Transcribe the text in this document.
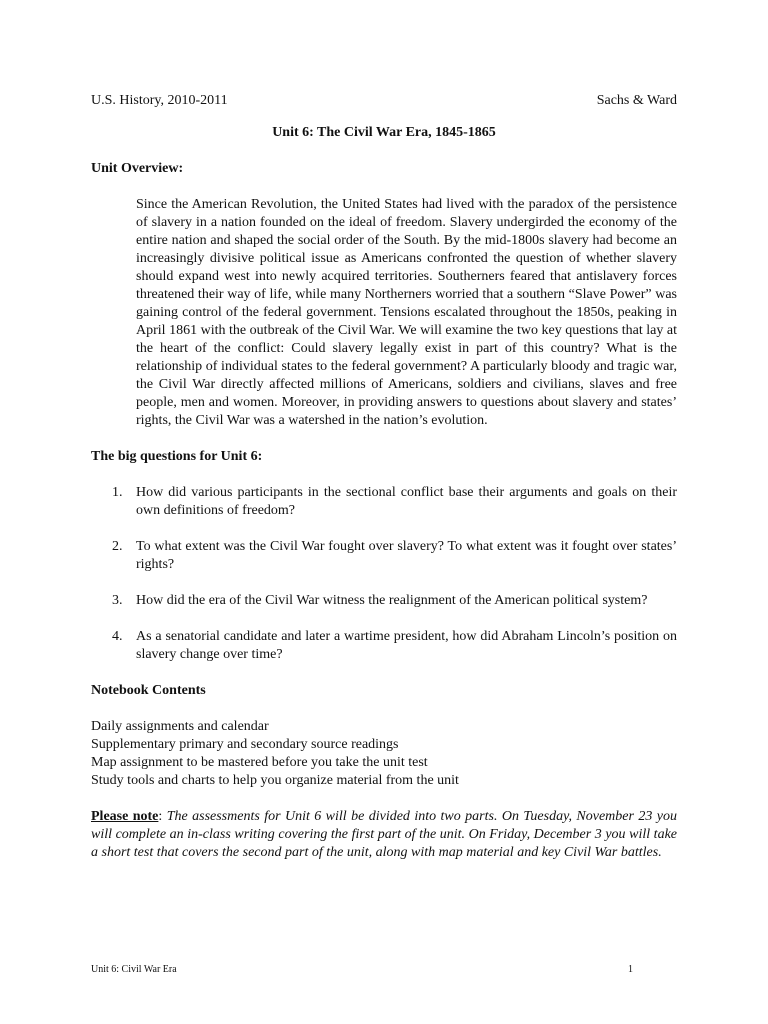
U.S. History, 2010-2011	Sachs & Ward
Unit 6: The Civil War Era, 1845-1865
Unit Overview:
Since the American Revolution, the United States had lived with the paradox of the persistence of slavery in a nation founded on the ideal of freedom. Slavery undergirded the economy of the entire nation and shaped the social order of the South. By the mid-1800s slavery had become an increasingly divisive political issue as Americans confronted the question of whether slavery should expand west into newly acquired territories. Southerners feared that antislavery forces threatened their way of life, while many Northerners worried that a southern “Slave Power” was gaining control of the federal government. Tensions escalated throughout the 1850s, peaking in April 1861 with the outbreak of the Civil War. We will examine the two key questions that lay at the heart of the conflict: Could slavery legally exist in part of this country? What is the relationship of individual states to the federal government? A particularly bloody and tragic war, the Civil War directly affected millions of Americans, soldiers and civilians, slaves and free people, men and women. Moreover, in providing answers to questions about slavery and states’ rights, the Civil War was a watershed in the nation’s evolution.
The big questions for Unit 6:
1. How did various participants in the sectional conflict base their arguments and goals on their own definitions of freedom?
2. To what extent was the Civil War fought over slavery? To what extent was it fought over states’ rights?
3. How did the era of the Civil War witness the realignment of the American political system?
4. As a senatorial candidate and later a wartime president, how did Abraham Lincoln’s position on slavery change over time?
Notebook Contents
Daily assignments and calendar
Supplementary primary and secondary source readings
Map assignment to be mastered before you take the unit test
Study tools and charts to help you organize material from the unit
Please note: The assessments for Unit 6 will be divided into two parts. On Tuesday, November 23 you will complete an in-class writing covering the first part of the unit. On Friday, December 3 you will take a short test that covers the second part of the unit, along with map material and key Civil War battles.
Unit 6: Civil War Era	1
